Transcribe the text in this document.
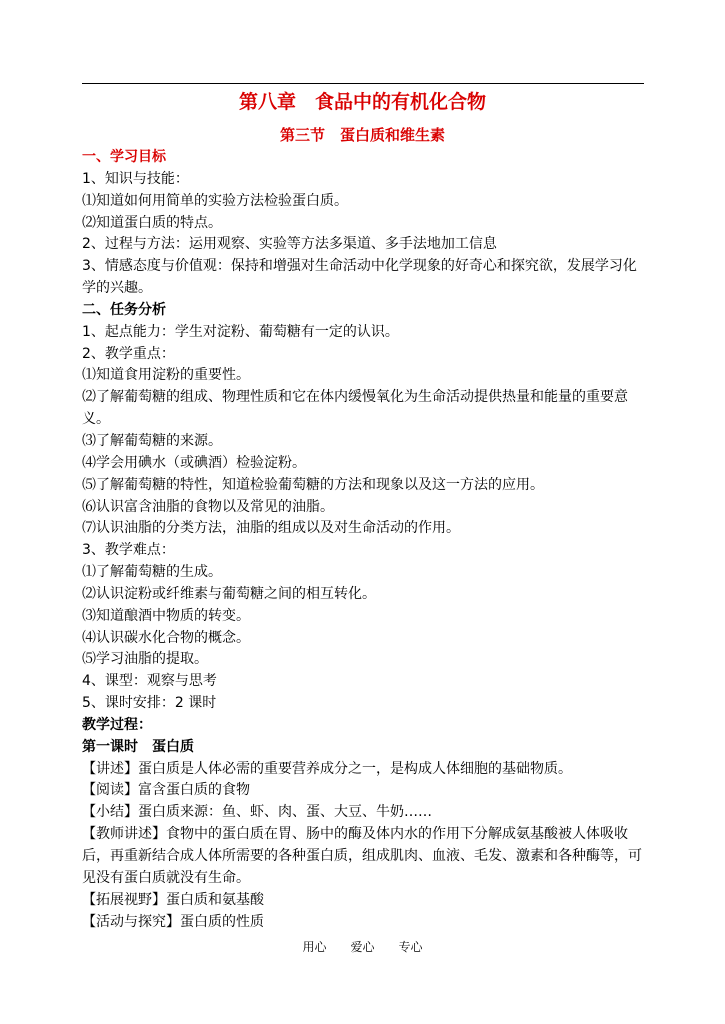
第八章　食品中的有机化合物
第三节　蛋白质和维生素
一、学习目标
1、知识与技能：
⑴知道如何用简单的实验方法检验蛋白质。
⑵知道蛋白质的特点。
2、过程与方法：运用观察、实验等方法多渠道、多手法地加工信息
3、情感态度与价值观：保持和增强对生命活动中化学现象的好奇心和探究欲，发展学习化学的兴趣。
二、任务分析
1、起点能力：学生对淀粉、葡萄糖有一定的认识。
2、教学重点：
⑴知道食用淀粉的重要性。
⑵了解葡萄糖的组成、物理性质和它在体内缓慢氧化为生命活动提供热量和能量的重要意义。
⑶了解葡萄糖的来源。
⑷学会用碘水（或碘酒）检验淀粉。
⑸了解葡萄糖的特性，知道检验葡萄糖的方法和现象以及这一方法的应用。
⑹认识富含油脂的食物以及常见的油脂。
⑺认识油脂的分类方法，油脂的组成以及对生命活动的作用。
3、教学难点：
⑴了解葡萄糖的生成。
⑵认识淀粉或纤维素与葡萄糖之间的相互转化。
⑶知道酿酒中物质的转变。
⑷认识碳水化合物的概念。
⑸学习油脂的提取。
4、课型：观察与思考
5、课时安排：2 课时
教学过程：
第一课时　蛋白质
【讲述】蛋白质是人体必需的重要营养成分之一，是构成人体细胞的基础物质。
【阅读】富含蛋白质的食物
【小结】蛋白质来源：鱼、虾、肉、蛋、大豆、牛奶……
【教师讲述】食物中的蛋白质在胃、肠中的酶及体内水的作用下分解成氨基酸被人体吸收后，再重新结合成人体所需要的各种蛋白质，组成肌肉、血液、毛发、激素和各种酶等，可见没有蛋白质就没有生命。
【拓展视野】蛋白质和氨基酸
【活动与探究】蛋白质的性质
用心　　爱心　　专心
